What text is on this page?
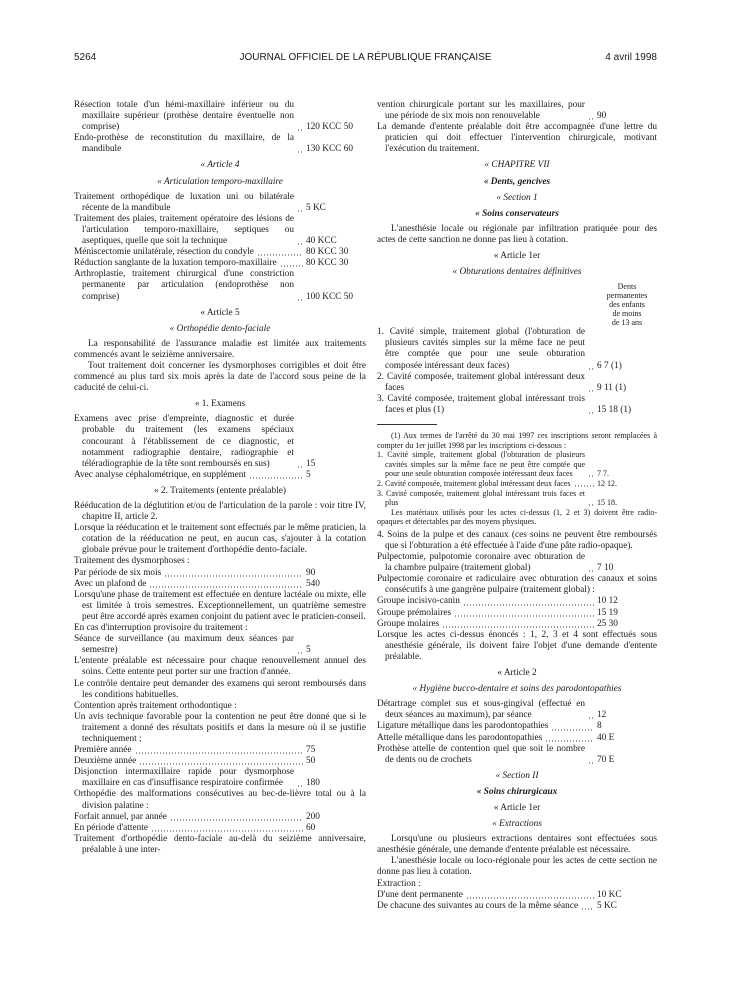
5264	JOURNAL OFFICIEL DE LA RÉPUBLIQUE FRANÇAISE	4 avril 1998
Résection totale d'un hémi-maxillaire inférieur ou du maxillaire supérieur (prothèse dentaire éventuelle non comprise)	120 KCC 50
Endo-prothèse de reconstitution du maxillaire, de la mandibule	130 KCC 60
« Article 4
« Articulation temporo-maxillaire
Traitement orthopédique de luxation uni ou bilatérale récente de la mandibule	5 KC
Traitement des plaies, traitement opératoire des lésions de l'articulation temporo-maxillaire, septiques ou aseptiques, quelle que soit la technique	40 KCC
Méniscectomie unilatérale, résection du condyle	80 KCC 30
Réduction sanglante de la luxation temporo-maxillaire	80 KCC 30
Arthroplastie, traitement chirurgical d'une constriction permanente par articulation (endoprothèse non comprise)	100 KCC 50
« Article 5
« Orthopédie dento-faciale
La responsabilité de l'assurance maladie est limitée aux traitements commencés avant le seizième anniversaire.
Tout traitement doit concerner les dysmorphoses corrigibles et doit être commencé au plus tard six mois après la date de l'accord sous peine de la caducité de celui-ci.
« 1. Examens
Examens avec prise d'empreinte, diagnostic et durée probable du traitement (les examens spéciaux concourant à l'établissement de ce diagnostic, et notamment radiographie dentaire, radiographie et téléradiographie de la tête sont remboursés en sus)	15
Avec analyse céphalométrique, en supplément	5
« 2. Traitements (entente préalable)
Rééducation de la déglutition et/ou de l'articulation de la parole : voir titre IV, chapitre II, article 2.
Lorsque la rééducation et le traitement sont effectués par le même praticien, la cotation de la rééducation ne peut, en aucun cas, s'ajouter à la cotation globale prévue pour le traitement d'orthopédie dento-faciale.
Traitement des dysmorphoses :
Par période de six mois	90
Avec un plafond de	540
Lorsqu'une phase de traitement est effectuée en denture lactéale ou mixte, elle est limitée à trois semestres. Exceptionnellement, un quatrième semestre peut être accordé après examen conjoint du patient avec le praticien-conseil.
En cas d'interruption provisoire du traitement :
Séance de surveillance (au maximum deux séances par semestre)	5
L'entente préalable est nécessaire pour chaque renouvellement annuel des soins. Cette entente peut porter sur une fraction d'année.
Le contrôle dentaire peut demander des examens qui seront remboursés dans les conditions habituelles.
Contention après traitement orthodontique :
Un avis technique favorable pour la contention ne peut être donné que si le traitement a donné des résultats positifs et dans la mesure où il se justifie techniquement ;
Première année	75
Deuxième année	50
Disjonction intermaxillaire rapide pour dysmorphose maxillaire en cas d'insuffisance respiratoire confirmée	180
Orthopédie des malformations consécutives au bec-de-lièvre total ou à la division palatine :
Forfait annuel, par année	200
En période d'attente	60
Traitement d'orthopédie dento-faciale au-delà du seizième anniversaire, préalable à une inter-
vention chirurgicale portant sur les maxillaires, pour une période de six mois non renouvelable	90
La demande d'entente préalable doit être accompagnée d'une lettre du praticien qui doit effectuer l'intervention chirurgicale, motivant l'exécution du traitement.
« CHAPITRE VII
« Dents, gencives
« Section 1
« Soins conservateurs
L'anesthésie locale ou régionale par infiltration pratiquée pour des actes de cette sanction ne donne pas lieu à cotation.
« Article 1er
« Obturations dentaires définitives
Dents
permanentes
des enfants
de moins
de 13 ans
1. Cavité simple, traitement global (l'obturation de plusieurs cavités simples sur la même face ne peut être comptée que pour une seule obturation composée intéressant deux faces)	6 7 (1)
2. Cavité composée, traitement global intéressant deux faces	9 11 (1)
3. Cavité composée, traitement global intéressant trois faces et plus (1)	15 18 (1)
(1) Aux termes de l'arrêté du 30 mai 1997 ces inscriptions seront remplacées à compter du 1er juillet 1998 par les inscriptions ci-dessous :
1. Cavité simple, traitement global (l'obturation de plusieurs cavités simples sur la même face ne peut être comptée que pour une seule obturation composée intéressant deux faces	7 7.
2. Cavité composée, traitement global intéressant deux faces	12 12.
3. Cavité composée, traitement global intéressant trois faces et plus	15 18.
Les matériaux utilisés pour les actes ci-dessus (1, 2 et 3) doivent être radio-opaques et détectables par des moyens physiques.
4. Soins de la pulpe et des canaux (ces soins ne peuvent être remboursés que si l'obturation a été effectuée à l'aide d'une pâte radio-opaque).
Pulpectomie, pulpotomie coronaire avec obturation de la chambre pulpaire (traitement global)	7 10
Pulpectomie coronaire et radiculaire avec obturation des canaux et soins consécutifs à une gangrène pulpaire (traitement global) :
Groupe incisivo-canin	10 12
Groupe prémolaires	15 19
Groupe molaires	25 30
Lorsque les actes ci-dessus énoncés : 1, 2, 3 et 4 sont effectués sous anesthésie générale, ils doivent faire l'objet d'une demande d'entente préalable.
« Article 2
« Hygiène bucco-dentaire et soins des parodontopathies
Détartrage complet sus et sous-gingival (effectué en deux séances au maximum), par séance	12
Ligature métallique dans les parodontopathies	8
Attelle métallique dans les parodontopathies	40 E
Prothèse attelle de contention quel que soit le nombre de dents ou de crochets	70 E
« Section II
« Soins chirurgicaux
« Article 1er
« Extractions
Lorsqu'une ou plusieurs extractions dentaires sont effectuées sous anesthésie générale, une demande d'entente préalable est nécessaire.
L'anesthésie locale ou loco-régionale pour les actes de cette section ne donne pas lieu à cotation.
Extraction :
D'une dent permanente	10 KC
De chacune des suivantes au cours de la même séance 5 KC
